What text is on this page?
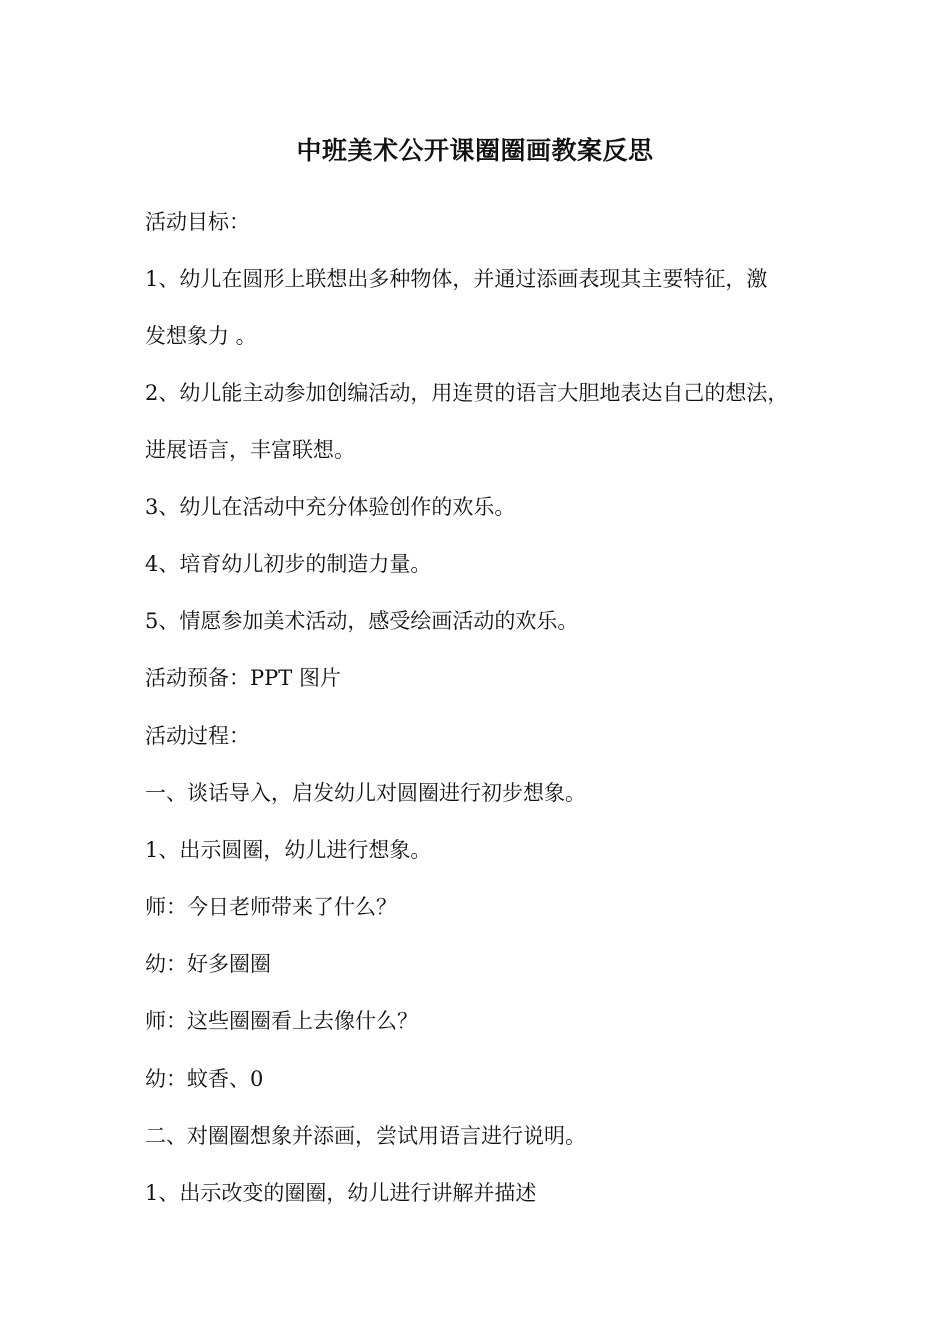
中班美术公开课圈圈画教案反思

活动目标：

1、幼儿在圆形上联想出多种物体，并通过添画表现其主要特征，激

发想象力 。

2、幼儿能主动参加创编活动，用连贯的语言大胆地表达自己的想法，

进展语言，丰富联想。

3、幼儿在活动中充分体验创作的欢乐。

4、培育幼儿初步的制造力量。

5、情愿参加美术活动，感受绘画活动的欢乐。

活动预备：PPT 图片

活动过程：

一、谈话导入，启发幼儿对圆圈进行初步想象。

1、出示圆圈，幼儿进行想象。

师：今日老师带来了什么？

幼：好多圈圈

师：这些圈圈看上去像什么？

幼：蚊香、0

二、对圈圈想象并添画，尝试用语言进行说明。

1、出示改变的圈圈，幼儿进行讲解并描述
